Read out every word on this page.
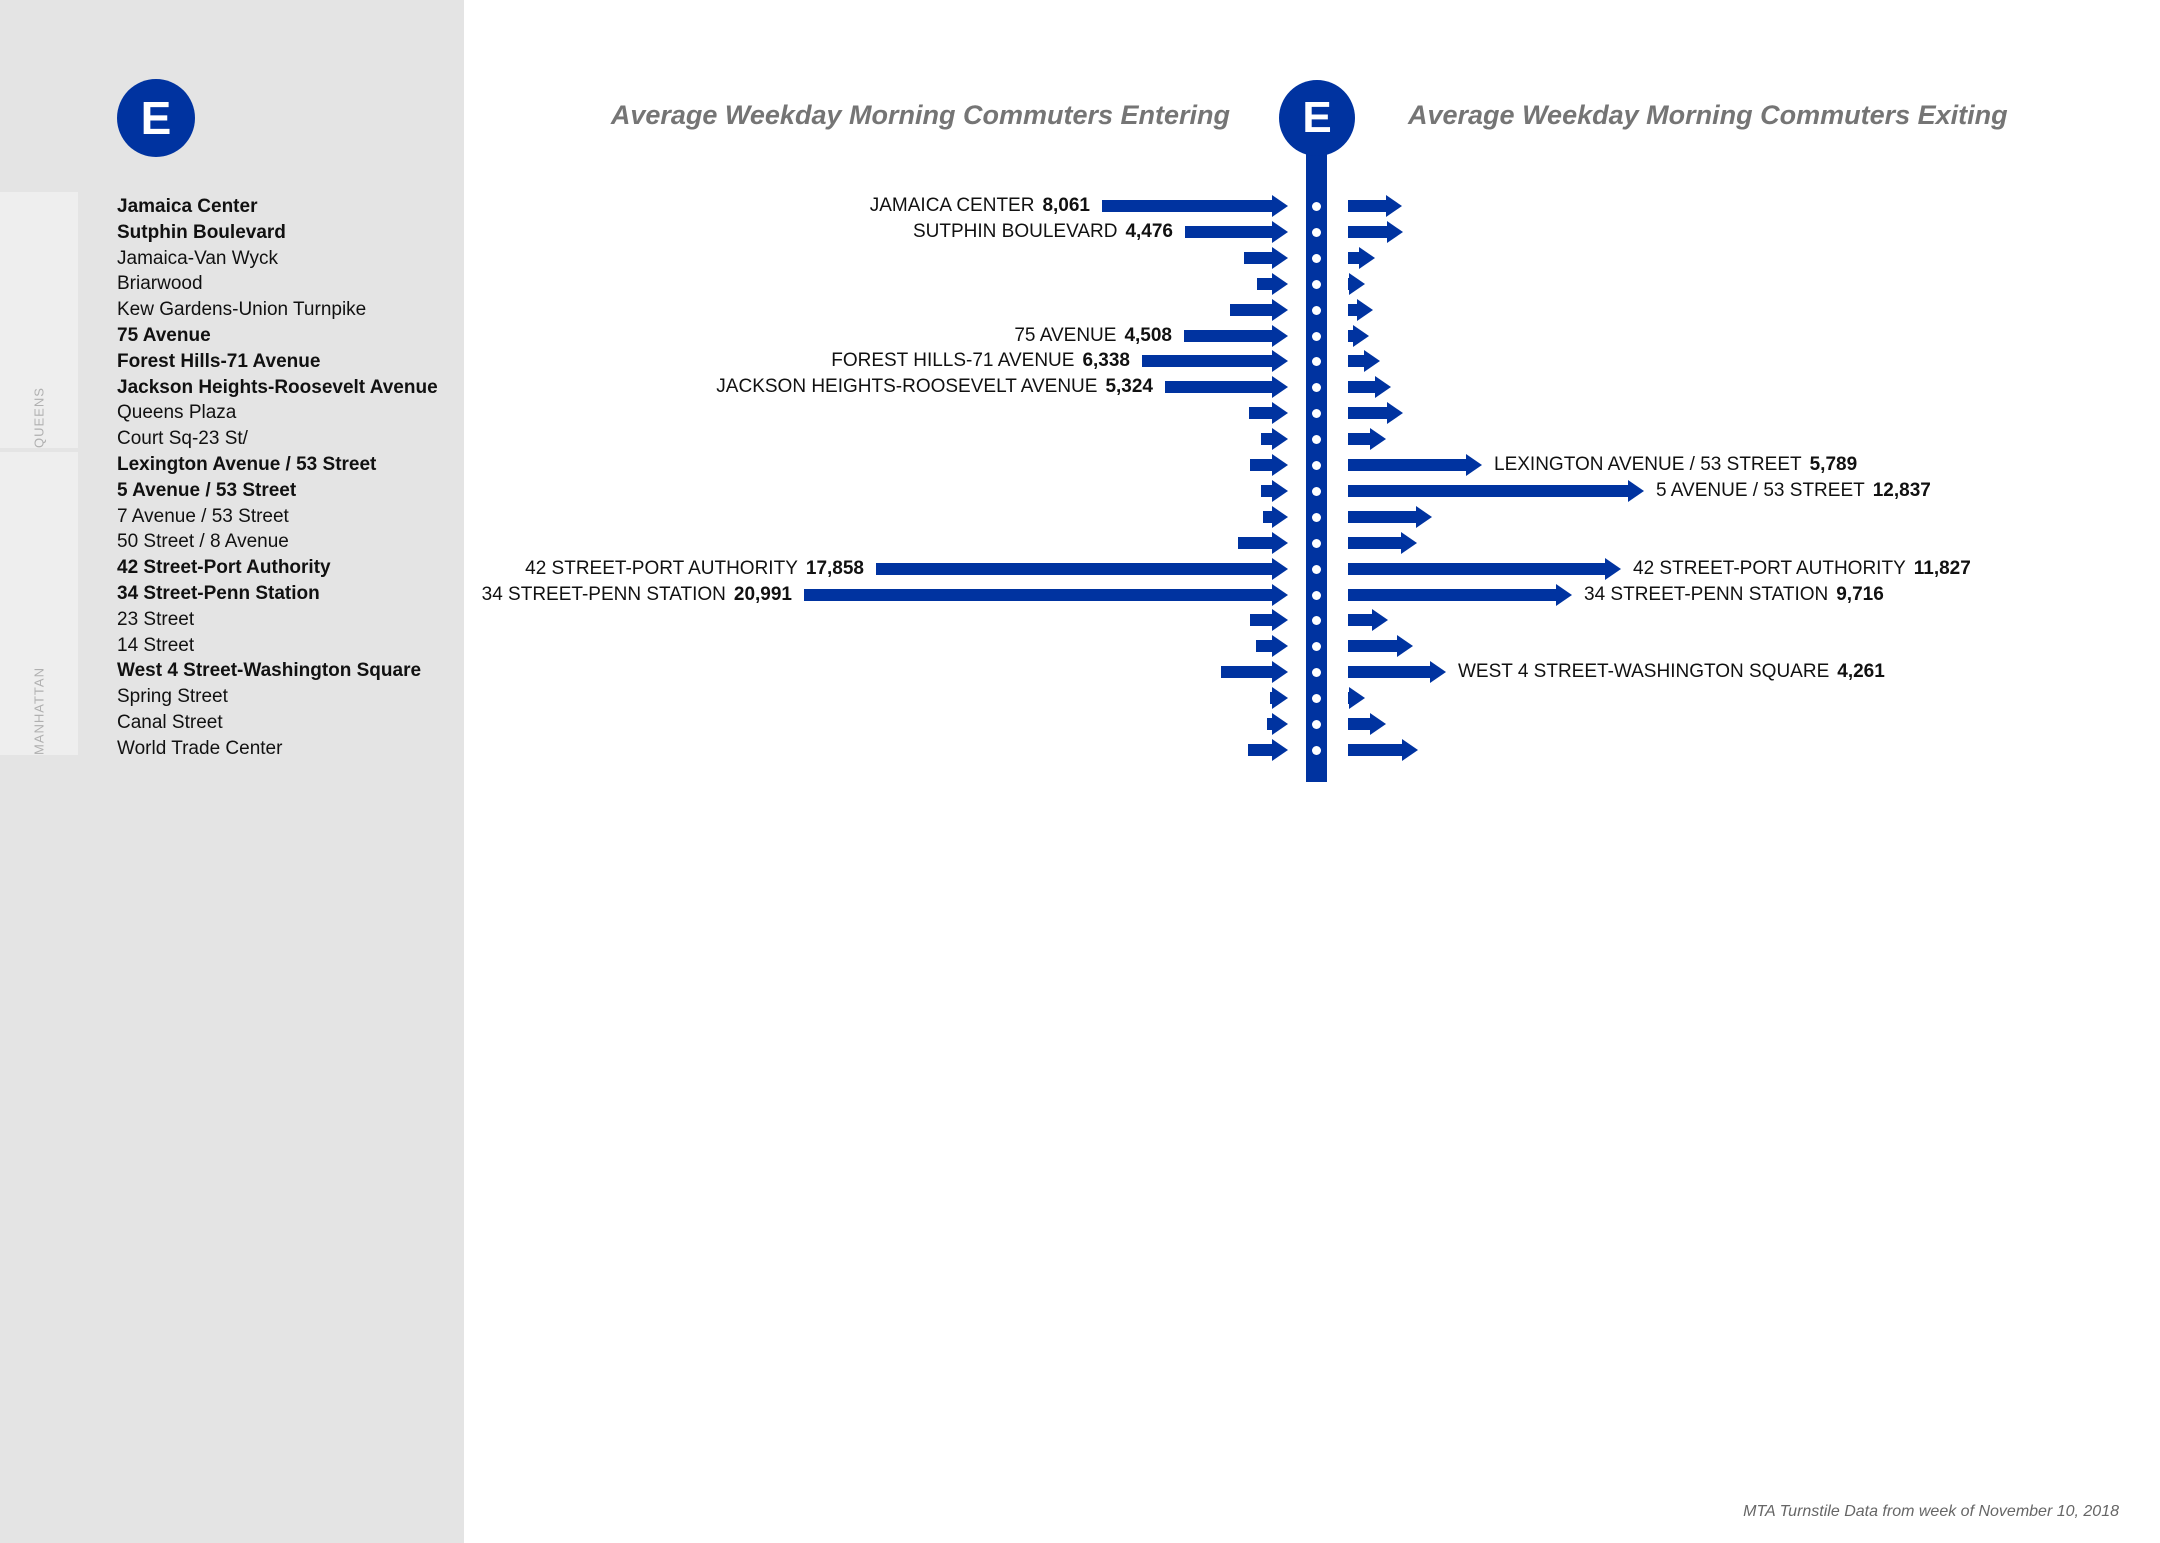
QUEENS
MANHATTAN
E
Jamaica Center
Sutphin Boulevard
Jamaica-Van Wyck
Briarwood
Kew Gardens-Union Turnpike
75 Avenue
Forest Hills-71 Avenue
Jackson Heights-Roosevelt Avenue
Queens Plaza
Court Sq-23 St/
Lexington Avenue / 53 Street
5 Avenue / 53 Street
7 Avenue / 53 Street
50 Street / 8 Avenue
42 Street-Port Authority
34 Street-Penn Station
23 Street
14 Street
West 4 Street-Washington Square
Spring Street
Canal Street
World Trade Center
Average Weekday Morning Commuters Entering	Average Weekday Morning Commuters Exiting
E
JAMAICA CENTER 8,061
SUTPHIN BOULEVARD 4,476
75 AVENUE 4,508
FOREST HILLS-71 AVENUE 6,338
JACKSON HEIGHTS-ROOSEVELT AVENUE 5,324
LEXINGTON AVENUE / 53 STREET 5,789
5 AVENUE / 53 STREET 12,837
42 STREET-PORT AUTHORITY 17,858	42 STREET-PORT AUTHORITY 11,827
34 STREET-PENN STATION 20,991	34 STREET-PENN STATION 9,716
WEST 4 STREET-WASHINGTON SQUARE 4,261
MTA Turnstile Data from week of November 10, 2018
